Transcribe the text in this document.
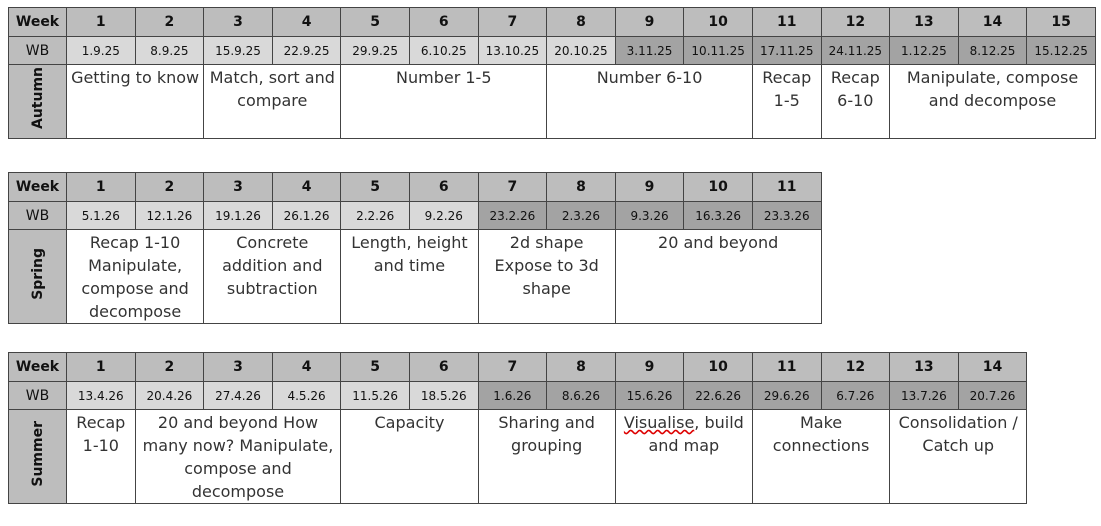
Week	1	2	3	4	5	6	7	8	9	10	11	12	13	14	15
WB	1.9.25	8.9.25	15.9.25	22.9.25	29.9.25	6.10.25	13.10.25	20.10.25	3.11.25	10.11.25	17.11.25	24.11.25	1.12.25	8.12.25	15.12.25
Autumn	Getting to know		Match, sort and compare		Number 1-5			Number 6-10			Recap 1-5	Recap 6-10	Manipulate, compose and decompose		
Week	1	2	3	4	5	6	7	8	9	10	11
WB	5.1.26	12.1.26	19.1.26	26.1.26	2.2.26	9.2.26	23.2.26	2.3.26	9.3.26	16.3.26	23.3.26
Spring	Recap 1-10 Manipulate, compose and decompose		Concrete addition and subtraction		Length, height and time		2d shape Expose to 3d shape		20 and beyond		
Week	1	2	3	4	5	6	7	8	9	10	11	12	13	14
WB	13.4.26	20.4.26	27.4.26	4.5.26	11.5.26	18.5.26	1.6.26	8.6.26	15.6.26	22.6.26	29.6.26	6.7.26	13.7.26	20.7.26
Summer	Recap 1-10	20 and beyond How many now? Manipulate, compose and decompose			Capacity		Sharing and grouping		Visualise, build and map		Make connections		Consolidation / Catch up	
